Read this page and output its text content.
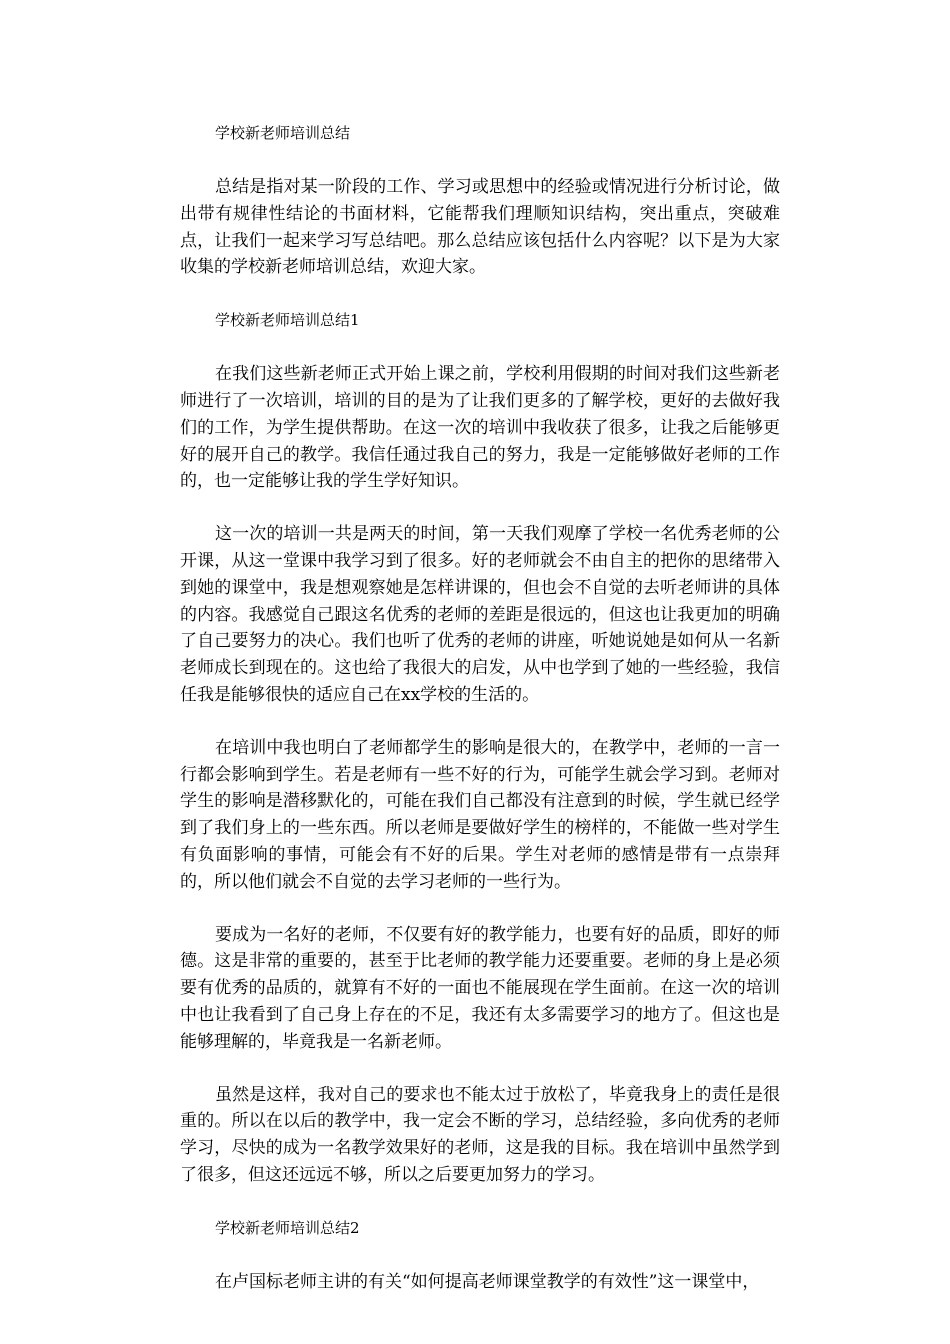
学校新老师培训总结

总结是指对某一阶段的工作、学习或思想中的经验或情况进行分析讨论，做出带有规律性结论的书面材料，它能帮我们理顺知识结构，突出重点，突破难点，让我们一起来学习写总结吧。那么总结应该包括什么内容呢？以下是为大家收集的学校新老师培训总结，欢迎大家。

学校新老师培训总结1

在我们这些新老师正式开始上课之前，学校利用假期的时间对我们这些新老师进行了一次培训，培训的目的是为了让我们更多的了解学校，更好的去做好我们的工作，为学生提供帮助。在这一次的培训中我收获了很多，让我之后能够更好的展开自己的教学。我信任通过我自己的努力，我是一定能够做好老师的工作的，也一定能够让我的学生学好知识。

这一次的培训一共是两天的时间，第一天我们观摩了学校一名优秀老师的公开课，从这一堂课中我学习到了很多。好的老师就会不由自主的把你的思绪带入到她的课堂中，我是想观察她是怎样讲课的，但也会不自觉的去听老师讲的具体的内容。我感觉自己跟这名优秀的老师的差距是很远的，但这也让我更加的明确了自己要努力的决心。我们也听了优秀的老师的讲座，听她说她是如何从一名新老师成长到现在的。这也给了我很大的启发，从中也学到了她的一些经验，我信任我是能够很快的适应自己在xx学校的生活的。

在培训中我也明白了老师都学生的影响是很大的，在教学中，老师的一言一行都会影响到学生。若是老师有一些不好的行为，可能学生就会学习到。老师对学生的影响是潜移默化的，可能在我们自己都没有注意到的时候，学生就已经学到了我们身上的一些东西。所以老师是要做好学生的榜样的，不能做一些对学生有负面影响的事情，可能会有不好的后果。学生对老师的感情是带有一点崇拜的，所以他们就会不自觉的去学习老师的一些行为。

要成为一名好的老师，不仅要有好的教学能力，也要有好的品质，即好的师德。这是非常的重要的，甚至于比老师的教学能力还要重要。老师的身上是必须要有优秀的品质的，就算有不好的一面也不能展现在学生面前。在这一次的培训中也让我看到了自己身上存在的不足，我还有太多需要学习的地方了。但这也是能够理解的，毕竟我是一名新老师。

虽然是这样，我对自己的要求也不能太过于放松了，毕竟我身上的责任是很重的。所以在以后的教学中，我一定会不断的学习，总结经验，多向优秀的老师学习，尽快的成为一名教学效果好的老师，这是我的目标。我在培训中虽然学到了很多，但这还远远不够，所以之后要更加努力的学习。

学校新老师培训总结2

在卢国标老师主讲的有关“如何提高老师课堂教学的有效性”这一课堂中，
